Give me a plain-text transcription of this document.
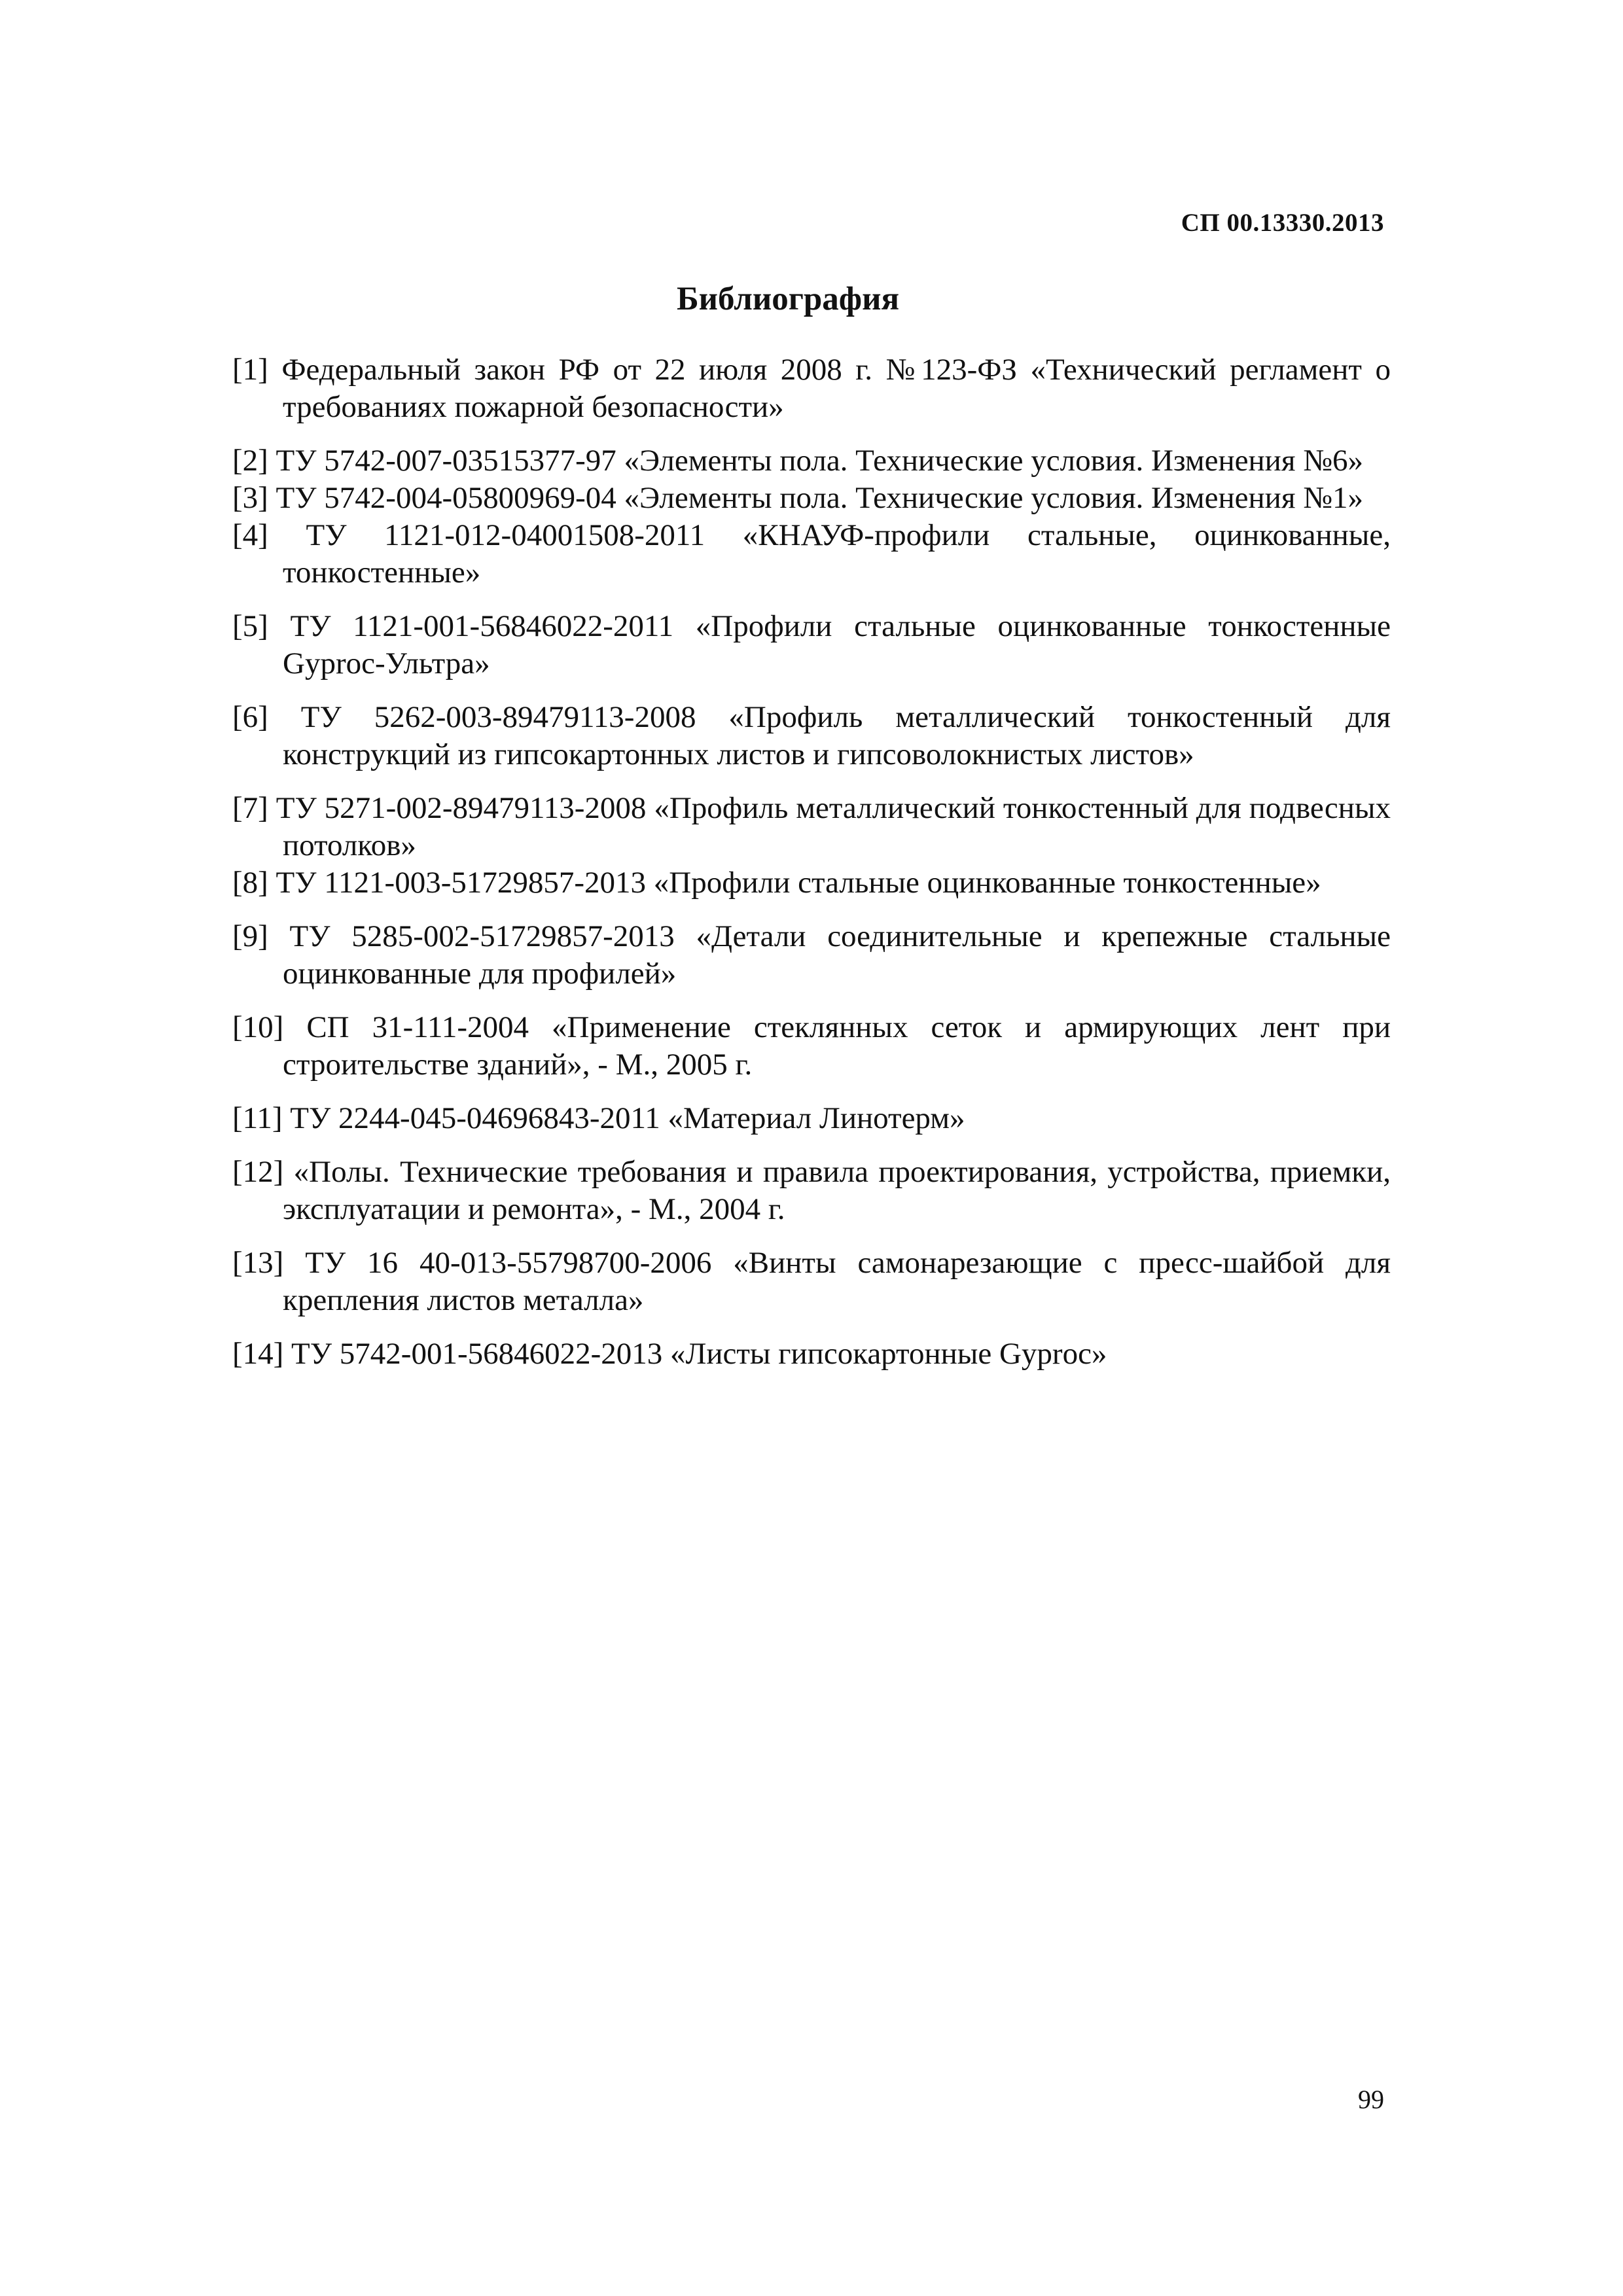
СП 00.13330.2013
Библиография
[1] Федеральный закон РФ от 22 июля 2008 г. №123-ФЗ «Технический регламент о требованиях пожарной безопасности»
[2] ТУ 5742-007-03515377-97 «Элементы пола. Технические условия. Изменения №6»
[3] ТУ 5742-004-05800969-04 «Элементы пола. Технические условия. Изменения №1»
[4] ТУ 1121-012-04001508-2011 «КНАУФ-профили стальные, оцинкованные, тонкостенные»
[5] ТУ 1121-001-56846022-2011 «Профили стальные оцинкованные тонкостенные Gyproc-Ультра»
[6] ТУ 5262-003-89479113-2008 «Профиль металлический тонкостенный для конструкций из гипсокартонных листов и гипсоволокнистых листов»
[7] ТУ 5271-002-89479113-2008 «Профиль металлический тонкостенный для подвесных потолков»
[8] ТУ 1121-003-51729857-2013 «Профили стальные оцинкованные тонкостенные»
[9] ТУ 5285-002-51729857-2013 «Детали соединительные и крепежные стальные оцинкованные для профилей»
[10] СП 31-111-2004 «Применение стеклянных сеток и армирующих лент при строительстве зданий», - М., 2005 г.
[11] ТУ 2244-045-04696843-2011 «Материал Линотерм»
[12] «Полы. Технические требования и правила проектирования, устройства, приемки, эксплуатации и ремонта», - М., 2004 г.
[13] ТУ 16 40-013-55798700-2006 «Винты самонарезающие с пресс-шайбой для крепления листов металла»
[14] ТУ 5742-001-56846022-2013 «Листы гипсокартонные Gyproc»
99
